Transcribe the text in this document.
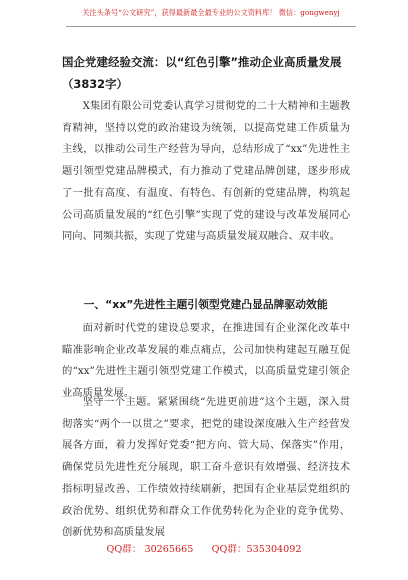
关注头条号“公文研究”，获得最新最全最专业的公文资料库！ 微信：gongwenyj
国企党建经验交流：以“红色引擎”推动企业高质量发展
（3832字）
X集团有限公司党委认真学习贯彻党的二十大精神和主题教育精神，坚持以党的政治建设为统领，以提高党建工作质量为主线，以推动公司生产经营为导向，总结形成了“xx”先进性主题引领型党建品牌模式，有力推动了党建品牌创建，逐步形成了一批有高度、有温度、有特色、有创新的党建品牌，构筑起公司高质量发展的“红色引擎”实现了党的建设与改革发展同心同向、同频共振，实现了党建与高质量发展双融合、双丰收。
一、“xx”先进性主题引领型党建凸显品牌驱动效能
面对新时代党的建设总要求，在推进国有企业深化改革中瞄准影响企业改革发展的难点痛点，公司加快构建起互融互促的“xx”先进性主题引领型党建工作模式，以高质量党建引领企业高质量发展。
坚守一个主题。紧紧围绕“先进更前进”这个主题，深入贯彻落实“两个一以贯之”要求，把党的建设深度融入生产经营发展各方面，着力发挥好党委“把方向、管大局、保落实”作用，确保党员先进性充分展现，职工奋斗意识有效增强、经济技术指标明显改善、工作绩效持续刷新，把国有企业基层党组织的政治优势、组织优势和群众工作优势转化为企业的竞争优势、创新优势和高质量发展
QQ群： 30265665 QQ群：535304092
